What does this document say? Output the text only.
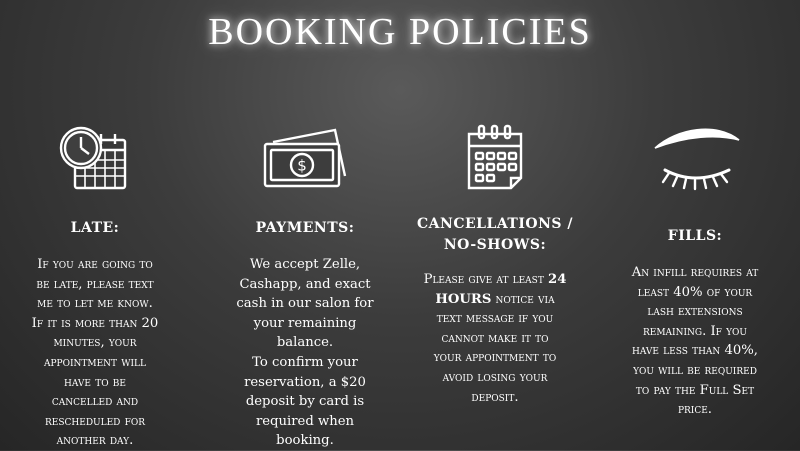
BOOKING POLICIES
LATE:
If you are going to
be late, please text
me to let me know.
If it is more than 20
minutes, your
appointment will
have to be
cancelled and
rescheduled for
another day.
$
PAYMENTS:
We accept Zelle,
Cashapp, and exact
cash in our salon for
your remaining
balance.
To confirm your
reservation, a $20
deposit by card is
required when
booking.
CANCELLATIONS /
NO-SHOWS:
Please give at least 24
HOURS notice via
text message if you
cannot make it to
your appointment to
avoid losing your
deposit.
FILLS:
An infill requires at
least 40% of your
lash extensions
remaining. If you
have less than 40%,
you will be required
to pay the Full Set
price.
